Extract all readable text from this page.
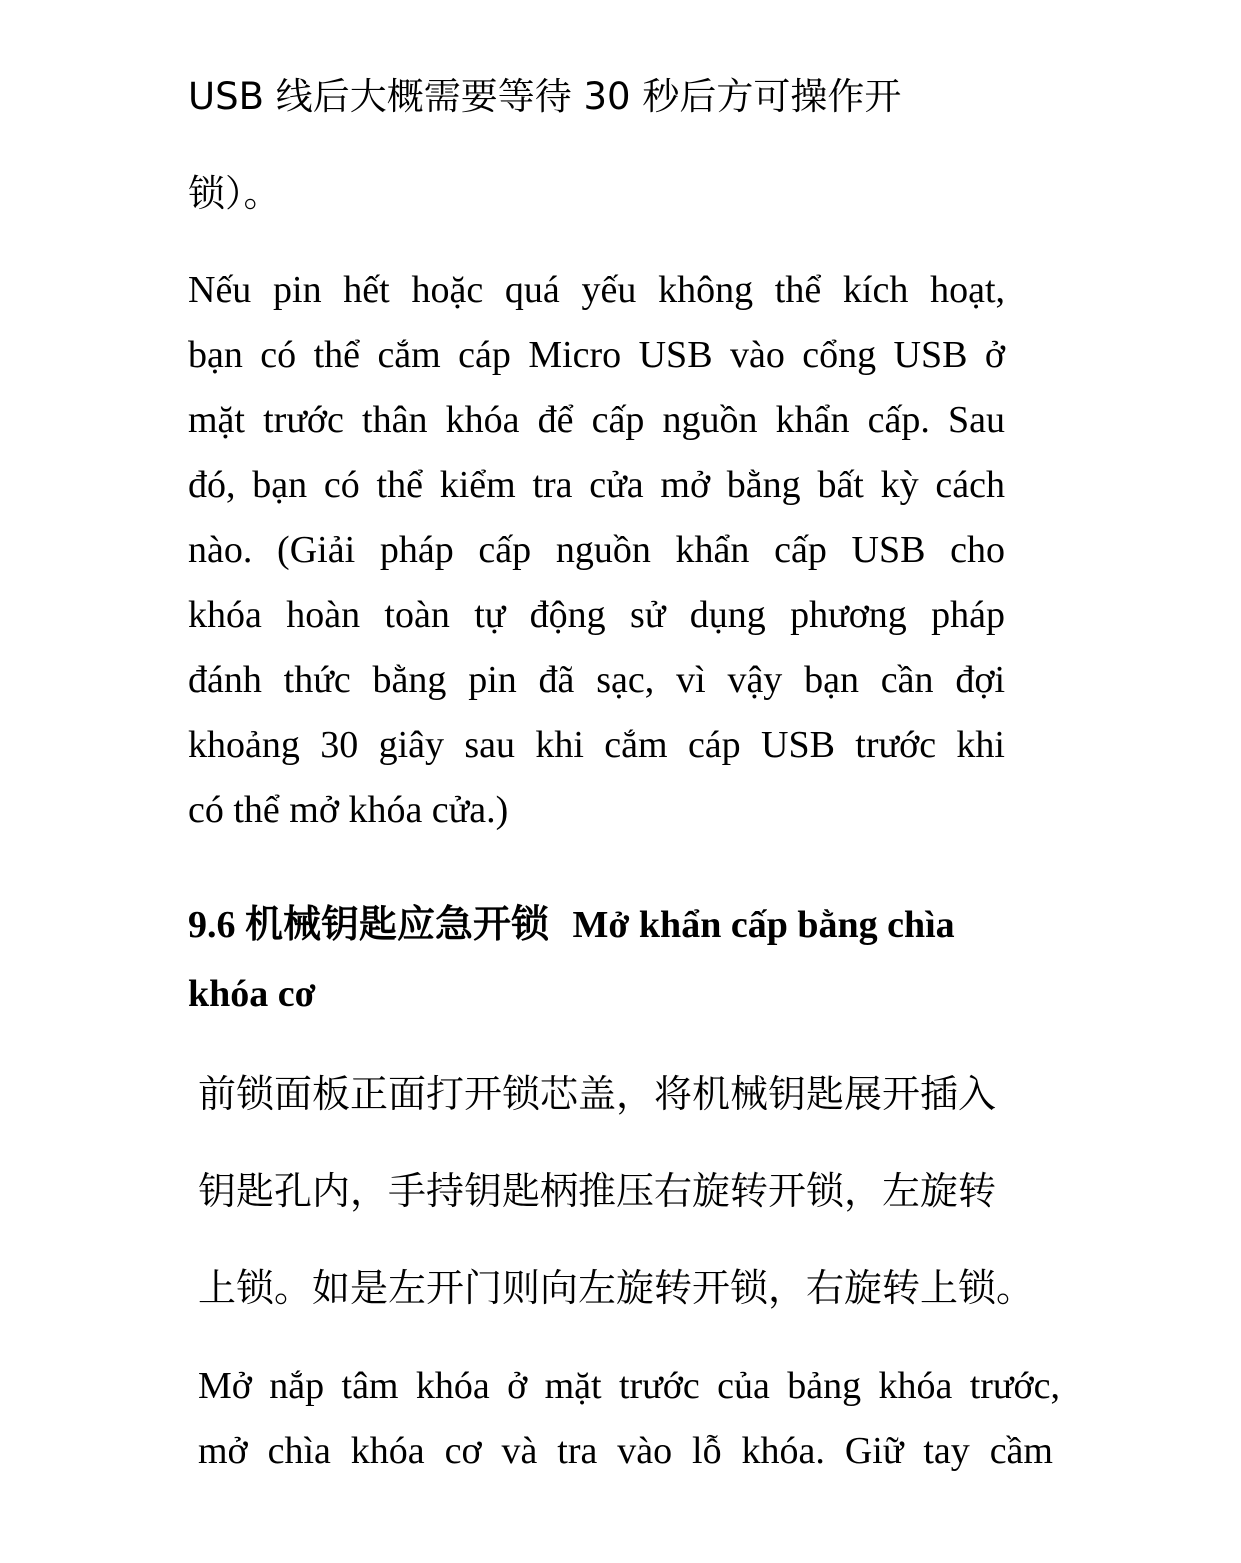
USB 线后大概需要等待 30 秒后方可操作开

锁）。

Nếu pin hết hoặc quá yếu không thể kích hoạt,
bạn có thể cắm cáp Micro USB vào cổng USB ở
mặt trước thân khóa để cấp nguồn khẩn cấp. Sau
đó, bạn có thể kiểm tra cửa mở bằng bất kỳ cách
nào. (Giải pháp cấp nguồn khẩn cấp USB cho
khóa hoàn toàn tự động sử dụng phương pháp
đánh thức bằng pin đã sạc, vì vậy bạn cần đợi
khoảng 30 giây sau khi cắm cáp USB trước khi
có thể mở khóa cửa.)
9.6 机械钥匙应急开锁 Mở khẩn cấp bằng chìa
khóa cơ

前锁面板正面打开锁芯盖，将机械钥匙展开插入

钥匙孔内，手持钥匙柄推压右旋转开锁，左旋转

上锁。如是左开门则向左旋转开锁，右旋转上锁。

Mở nắp tâm khóa ở mặt trước của bảng khóa trước,
mở chìa khóa cơ và tra vào lỗ khóa. Giữ tay cầm
